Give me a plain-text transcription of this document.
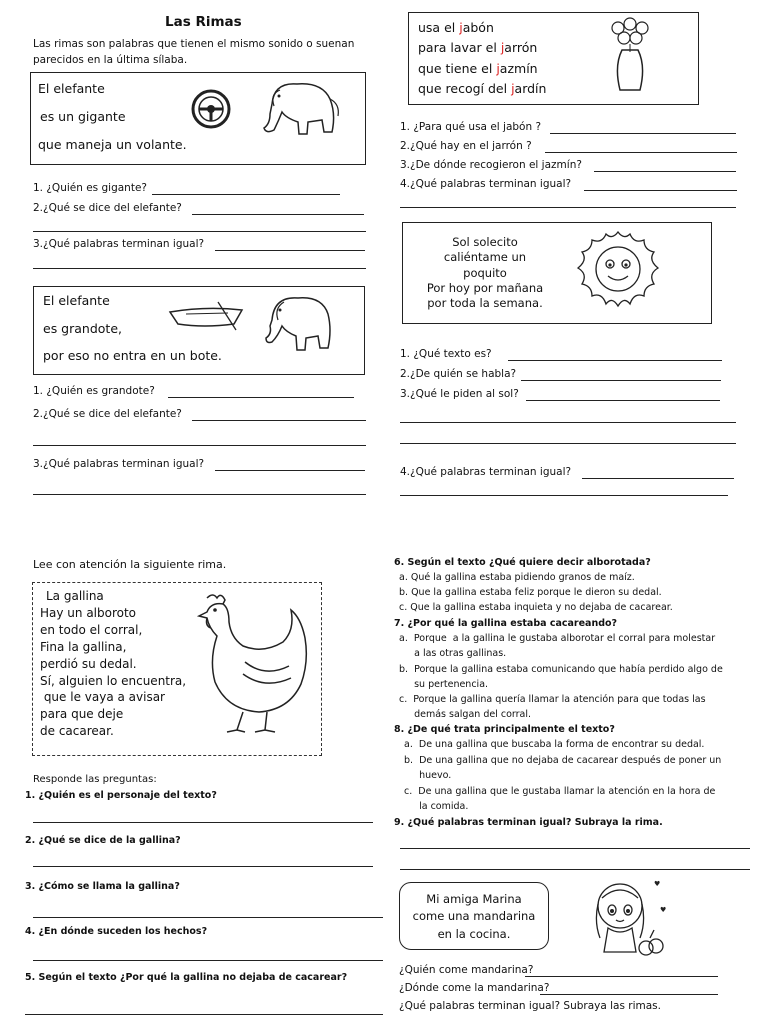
Las Rimas
Las rimas son palabras que tienen el mismo sonido o suenan
parecidos en la última sílaba.
El elefante
es un gigante
que maneja un volante.
1. ¿Quién es gigante?
2.¿Qué se dice del elefante?
3.¿Qué palabras terminan igual?
El elefante
es grandote,
por eso no entra en un bote.
1. ¿Quién es grandote?
2.¿Qué se dice del elefante?
3.¿Qué palabras terminan igual?
usa el jabón
para lavar el jarrón
que tiene el jazmín
que recogí del jardín
1. ¿Para qué usa el jabón ?
2.¿Qué hay en el jarrón ?
3.¿De dónde recogieron el jazmín?
4.¿Qué palabras terminan igual?
Sol solecito
caliéntame un
poquito
Por hoy por mañana
por toda la semana.
1. ¿Qué texto es?
2.¿De quién se habla?
3.¿Qué le piden al sol?
4.¿Qué palabras terminan igual?
Lee con atención la siguiente rima.
La gallina
Hay un alboroto
en todo el corral,
Fina la gallina,
perdió su dedal.
Sí, alguien lo encuentra,
que le vaya a avisar
para que deje
de cacarear.
Responde las preguntas:
1. ¿Quién es el personaje del texto?
2. ¿Qué se dice de la gallina?
3. ¿Cómo se llama la gallina?
4. ¿En dónde suceden los hechos?
5. Según el texto ¿Por qué la gallina no dejaba de cacarear?
6. Según el texto ¿Qué quiere decir alborotada?
a. Qué la gallina estaba pidiendo granos de maíz.
b. Que la gallina estaba feliz porque le dieron su dedal.
c. Que la gallina estaba inquieta y no dejaba de cacarear.
7. ¿Por qué la gallina estaba cacareando?
a.  Porque  a la gallina le gustaba alborotar el corral para molestar
a las otras gallinas.
b.  Porque la gallina estaba comunicando que había perdido algo de
su pertenencia.
c.  Porque la gallina quería llamar la atención para que todas las
demás salgan del corral.
8. ¿De qué trata principalmente el texto?
a.  De una gallina que buscaba la forma de encontrar su dedal.
b.  De una gallina que no dejaba de cacarear después de poner un
huevo.
c.  De una gallina que le gustaba llamar la atención en la hora de
la comida.
9. ¿Qué palabras terminan igual? Subraya la rima.
Mi amiga Marina
come una mandarina
en la cocina.
♥
♥
¿Quién come mandarina?
¿Dónde come la mandarina?
¿Qué palabras terminan igual? Subraya las rimas.
